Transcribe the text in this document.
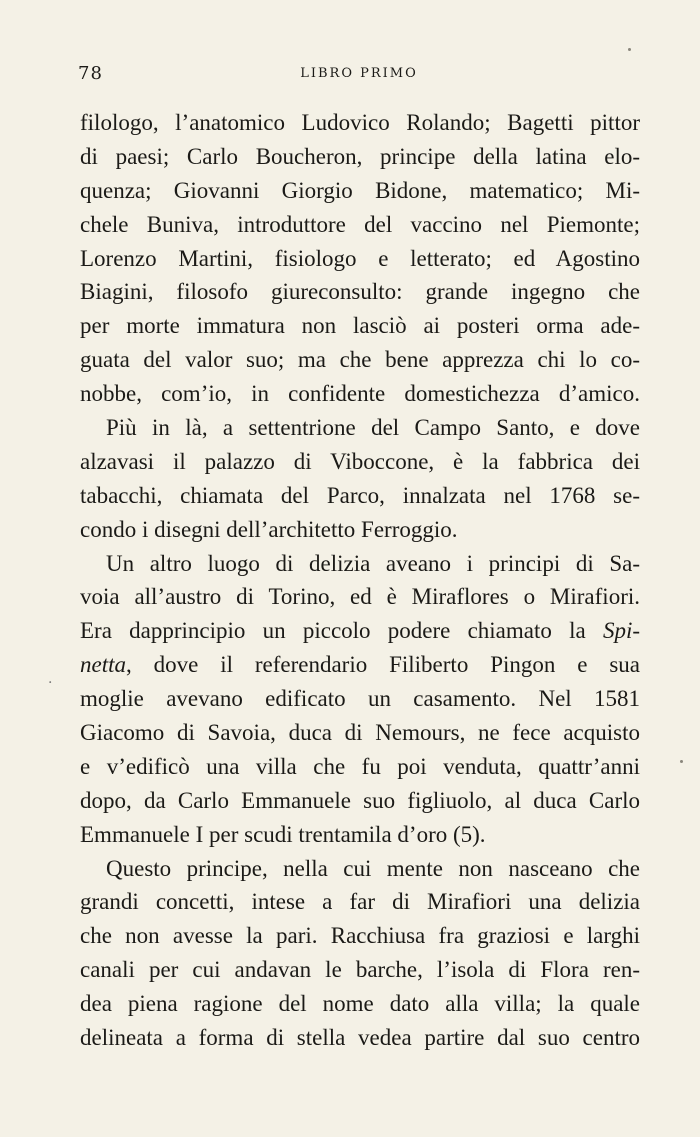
78	LIBRO PRIMO
·
filologo, l’anatomico Ludovico Rolando; Bagetti pittor
di paesi; Carlo Boucheron, principe della latina elo-
quenza; Giovanni Giorgio Bidone, matematico; Mi-
chele Buniva, introduttore del vaccino nel Piemonte;
Lorenzo Martini, fisiologo e letterato; ed Agostino
Biagini, filosofo giureconsulto: grande ingegno che
per morte immatura non lasciò ai posteri orma ade-
guata del valor suo; ma che bene apprezza chi lo co-
nobbe, com’io, in confidente domestichezza d’amico.
Più in là, a settentrione del Campo Santo, e dove
alzavasi il palazzo di Viboccone, è la fabbrica dei
tabacchi, chiamata del Parco, innalzata nel 1768 se-
condo i disegni dell’architetto Ferroggio.
Un altro luogo di delizia aveano i principi di Sa-
voia all’austro di Torino, ed è Miraflores o Mirafiori.
Era dapprincipio un piccolo podere chiamato la Spi-
netta, dove il referendario Filiberto Pingon e sua
moglie avevano edificato un casamento. Nel 1581
Giacomo di Savoia, duca di Nemours, ne fece acquisto
e v’edificò una villa che fu poi venduta, quattr’anni
dopo, da Carlo Emmanuele suo figliuolo, al duca Carlo
Emmanuele I per scudi trentamila d’oro (5).
Questo principe, nella cui mente non nasceano che
grandi concetti, intese a far di Mirafiori una delizia
che non avesse la pari. Racchiusa fra graziosi e larghi
canali per cui andavan le barche, l’isola di Flora ren-
dea piena ragione del nome dato alla villa; la quale
delineata a forma di stella vedea partire dal suo centro
